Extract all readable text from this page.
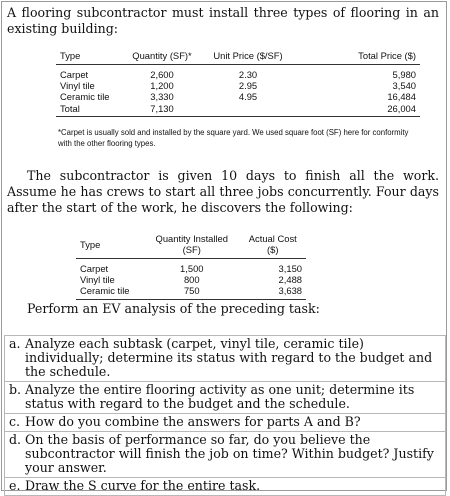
A flooring subcontractor must install three types of flooring in an existing building:
Type	Quantity (SF)*	Unit Price ($/SF)	Total Price ($)
Carpet	2,600	2.30	5,980
Vinyl tile	1,200	2.95	3,540
Ceramic tile	3,330	4.95	16,484
Total	7,130		26,004
*Carpet is usually sold and installed by the square yard. We used square foot (SF) here for conformity with the other flooring types.
The subcontractor is given 10 days to finish all the work. Assume he has crews to start all three jobs concurrently. Four days after the start of the work, he discovers the following:
Type	Quantity Installed (SF)	Actual Cost ($)
Carpet	1,500	3,150
Vinyl tile	800	2,488
Ceramic tile	750	3,638
Perform an EV analysis of the preceding task:
a. Analyze each subtask (carpet, vinyl tile, ceramic tile) individually; determine its status with regard to the budget and the schedule.
b. Analyze the entire flooring activity as one unit; determine its status with regard to the budget and the schedule.
c. How do you combine the answers for parts A and B?
d. On the basis of performance so far, do you believe the subcontractor will finish the job on time? Within budget? Justify your answer.
e. Draw the S curve for the entire task.
